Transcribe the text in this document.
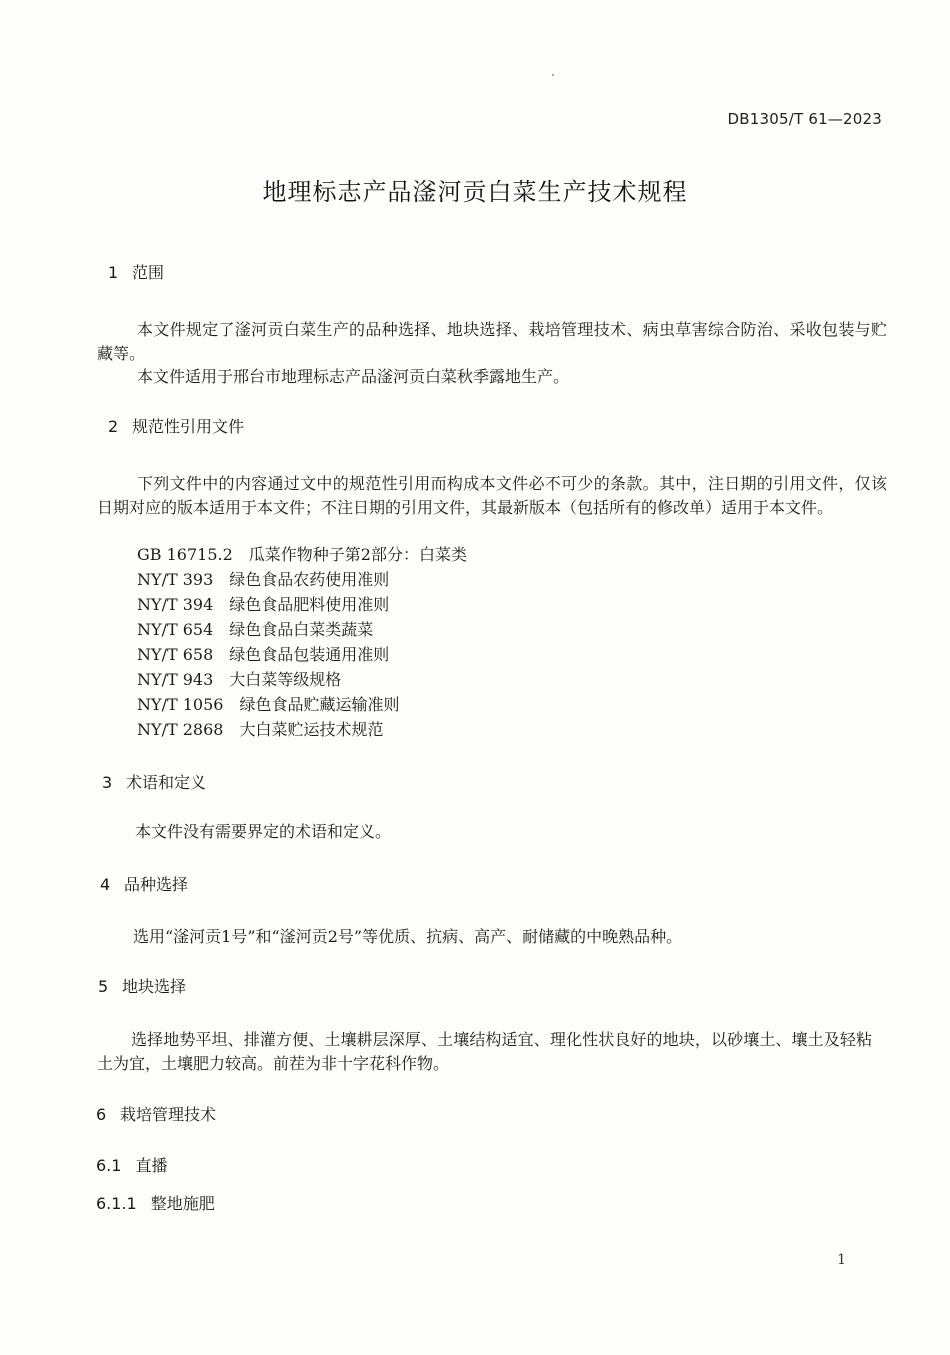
DB1305/T 61—2023
地理标志产品滏河贡白菜生产技术规程
1 范围
本文件规定了滏河贡白菜生产的品种选择、地块选择、栽培管理技术、病虫草害综合防治、采收包装与贮藏等。
本文件适用于邢台市地理标志产品滏河贡白菜秋季露地生产。
2 规范性引用文件
下列文件中的内容通过文中的规范性引用而构成本文件必不可少的条款。其中，注日期的引用文件，仅该日期对应的版本适用于本文件；不注日期的引用文件，其最新版本（包括所有的修改单）适用于本文件。
GB 16715.2 瓜菜作物种子第2部分：白菜类
NY/T 393 绿色食品农药使用准则
NY/T 394 绿色食品肥料使用准则
NY/T 654 绿色食品白菜类蔬菜
NY/T 658 绿色食品包装通用准则
NY/T 943 大白菜等级规格
NY/T 1056 绿色食品贮藏运输准则
NY/T 2868 大白菜贮运技术规范
3 术语和定义
本文件没有需要界定的术语和定义。
4 品种选择
选用“滏河贡1号”和“滏河贡2号”等优质、抗病、高产、耐储藏的中晚熟品种。
5 地块选择
选择地势平坦、排灌方便、土壤耕层深厚、土壤结构适宜、理化性状良好的地块，以砂壤土、壤土及轻粘土为宜，土壤肥力较高。前茬为非十字花科作物。
6 栽培管理技术
6.1 直播
6.1.1 整地施肥
1
